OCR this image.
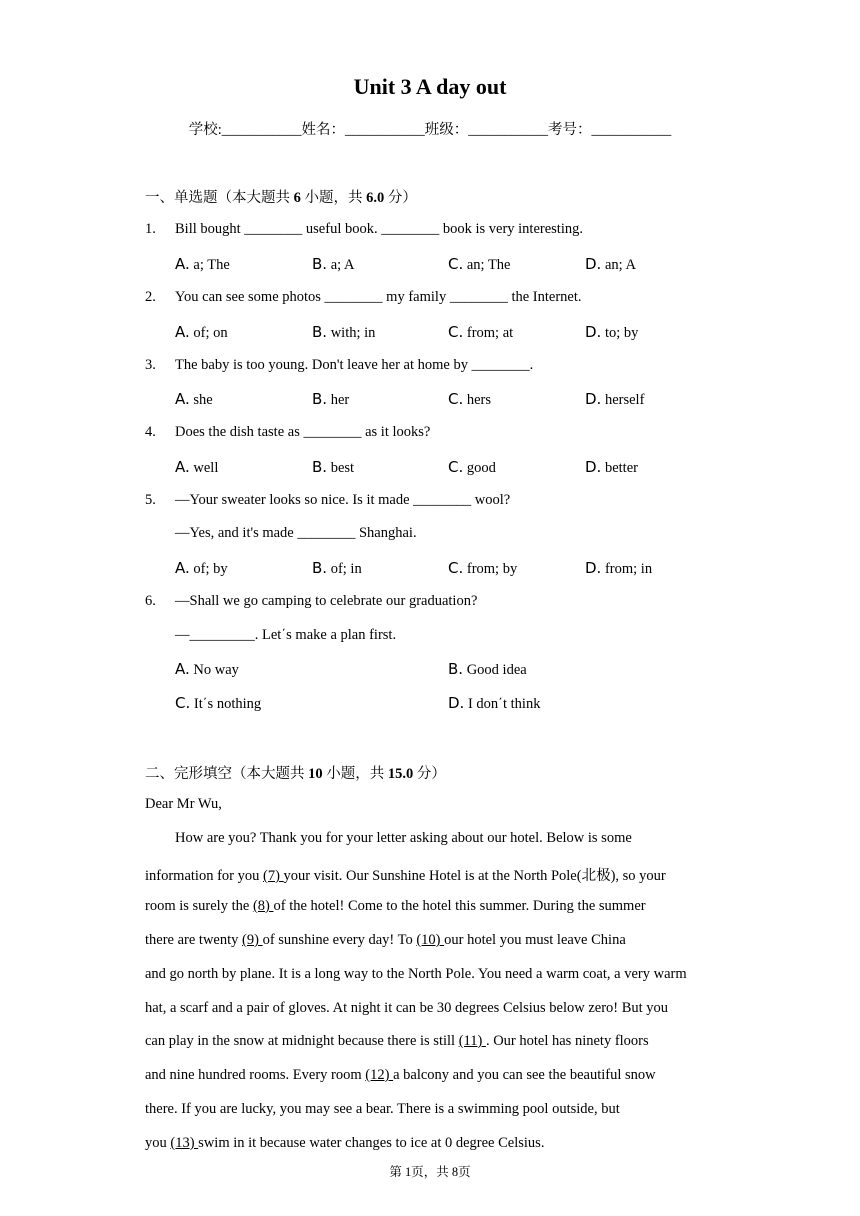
Unit 3 A day out
学校:___________姓名：___________班级：___________考号：___________
一、单选题（本大题共 6 小题，共 6.0 分）
1. Bill bought ________ useful book. ________ book is very interesting.
A. a; The	B. a; A	C. an; The	D. an; A
2. You can see some photos ________ my family ________ the Internet.
A. of; on	B. with; in	C. from; at	D. to; by
3. The baby is too young. Don't leave her at home by ________.
A. she	B. her	C. hers	D. herself
4. Does the dish taste as ________ as it looks?
A. well	B. best	C. good	D. better
5. —Your sweater looks so nice. Is it made ________ wool?
—Yes, and it's made ________ Shanghai.
A. of; by	B. of; in	C. from; by	D. from; in
6. —Shall we go camping to celebrate our graduation?
—_________. Let΄s make a plan first.
A. No way	B. Good idea
C. It΄s nothing	D. I don΄t think
二、完形填空（本大题共 10 小题，共 15.0 分）
Dear Mr Wu,
How are you? Thank you for your letter asking about our hotel. Below is some
information for you (7) your visit. Our Sunshine Hotel is at the North Pole(北极), so your
room is surely the (8) of the hotel! Come to the hotel this summer. During the summer
there are twenty (9) of sunshine every day! To (10) our hotel you must leave China
and go north by plane. It is a long way to the North Pole. You need a warm coat, a very warm
hat, a scarf and a pair of gloves. At night it can be 30 degrees Celsius below zero! But you
can play in the snow at midnight because there is still (11) . Our hotel has ninety floors
and nine hundred rooms. Every room (12) a balcony and you can see the beautiful snow
there. If you are lucky, you may see a bear. There is a swimming pool outside, but
you (13) swim in it because water changes to ice at 0 degree Celsius.
第 1页，共 8页
